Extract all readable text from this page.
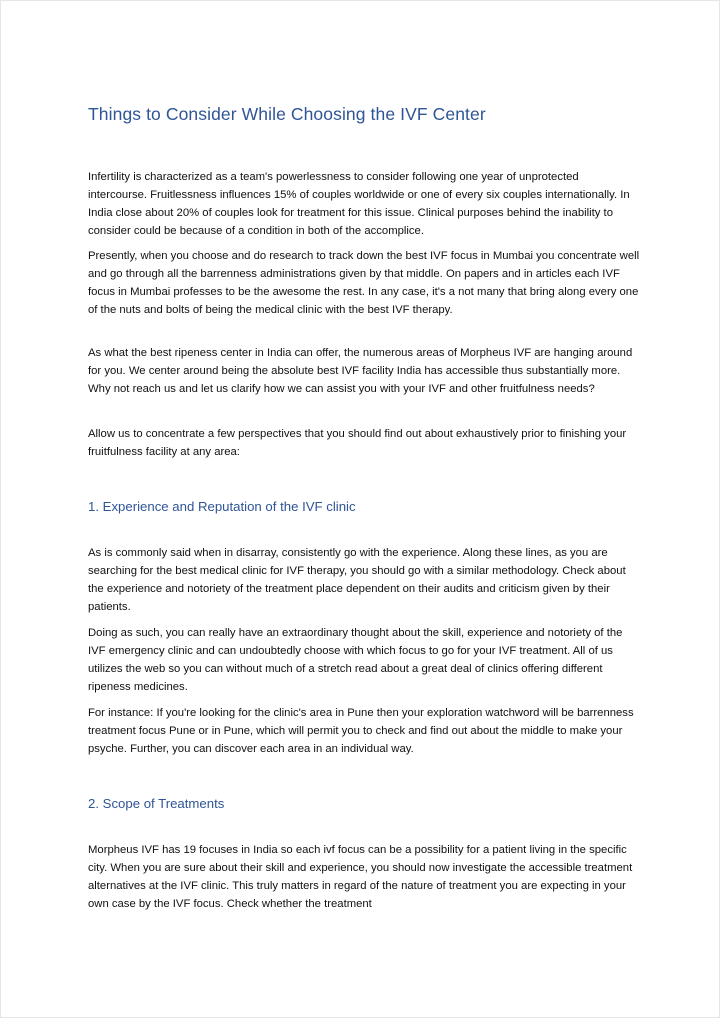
Things to Consider While Choosing the IVF Center

Infertility is characterized as a team's powerlessness to consider following one year of unprotected intercourse. Fruitlessness influences 15% of couples worldwide or one of every six couples internationally. In India close about 20% of couples look for treatment for this issue. Clinical purposes behind the inability to consider could be because of a condition in both of the accomplice.

Presently, when you choose and do research to track down the best IVF focus in Mumbai you concentrate well and go through all the barrenness administrations given by that middle. On papers and in articles each IVF focus in Mumbai professes to be the awesome the rest. In any case, it's a not many that bring along every one of the nuts and bolts of being the medical clinic with the best IVF therapy.

As what the best ripeness center in India can offer, the numerous areas of Morpheus IVF are hanging around for you. We center around being the absolute best IVF facility India has accessible thus substantially more. Why not reach us and let us clarify how we can assist you with your IVF and other fruitfulness needs?

Allow us to concentrate a few perspectives that you should find out about exhaustively prior to finishing your fruitfulness facility at any area:

1. Experience and Reputation of the IVF clinic

As is commonly said when in disarray, consistently go with the experience. Along these lines, as you are searching for the best medical clinic for IVF therapy, you should go with a similar methodology. Check about the experience and notoriety of the treatment place dependent on their audits and criticism given by their patients.

Doing as such, you can really have an extraordinary thought about the skill, experience and notoriety of the IVF emergency clinic and can undoubtedly choose with which focus to go for your IVF treatment. All of us utilizes the web so you can without much of a stretch read about a great deal of clinics offering different ripeness medicines.

For instance: If you're looking for the clinic's area in Pune then your exploration watchword will be barrenness treatment focus Pune or in Pune, which will permit you to check and find out about the middle to make your psyche. Further, you can discover each area in an individual way.

2. Scope of Treatments

Morpheus IVF has 19 focuses in India so each ivf focus can be a possibility for a patient living in the specific city. When you are sure about their skill and experience, you should now investigate the accessible treatment alternatives at the IVF clinic. This truly matters in regard of the nature of treatment you are expecting in your own case by the IVF focus. Check whether the treatment
